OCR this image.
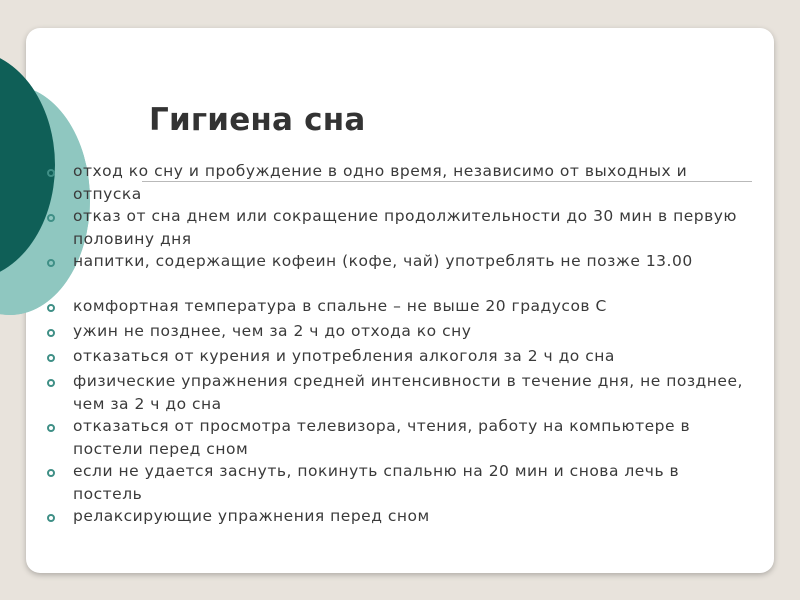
Гигиена сна
отход ко сну и пробуждение в одно время, независимо от выходных и отпуска
отказ от сна днем или сокращение продолжительности до 30 мин в первую половину дня
напитки, содержащие кофеин (кофе, чай) употреблять не позже 13.00
комфортная температура в спальне – не выше 20 градусов С
ужин не позднее, чем за 2 ч до отхода ко сну
отказаться от курения и употребления алкоголя за 2 ч до сна
физические упражнения средней интенсивности в течение дня, не позднее, чем за 2 ч до сна
отказаться от просмотра телевизора, чтения, работу на компьютере в постели перед сном
если не удается заснуть, покинуть спальню на 20 мин и снова лечь в постель
релаксирующие упражнения перед сном
